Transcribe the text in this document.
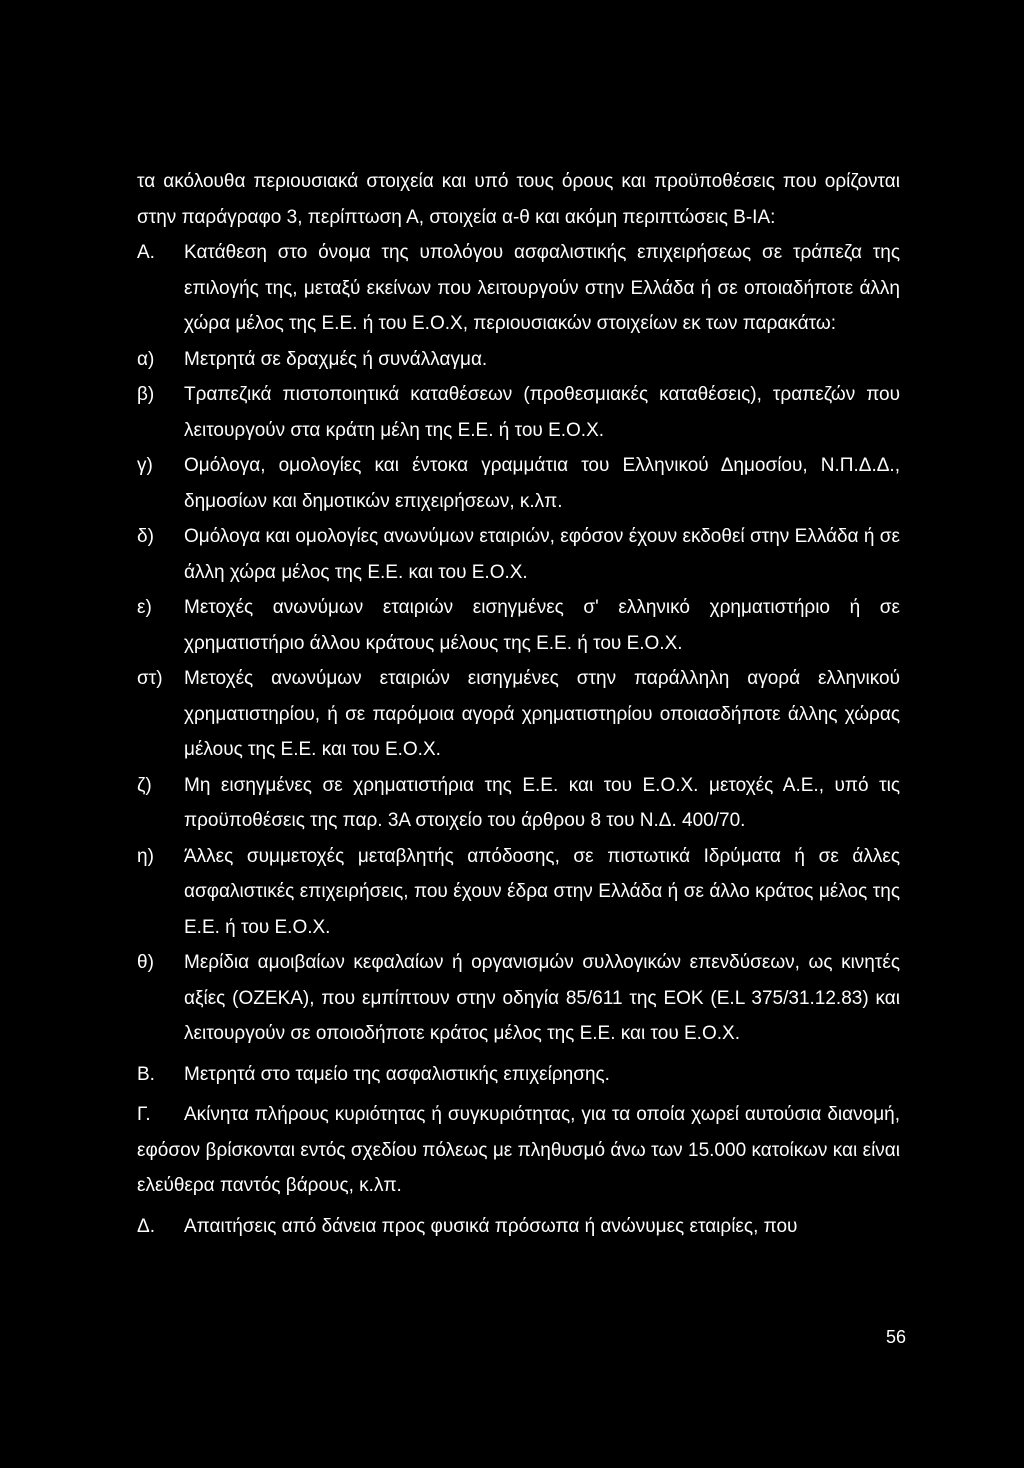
τα ακόλουθα περιουσιακά στοιχεία και υπό τους όρους και προϋποθέσεις που ορίζονται στην παράγραφο 3, περίπτωση Α, στοιχεία α-θ και ακόμη περιπτώσεις Β-ΙΑ:

Α.	Κατάθεση στο όνομα της υπολόγου ασφαλιστικής επιχειρήσεως σε τράπεζα της επιλογής της, μεταξύ εκείνων που λειτουργούν στην Ελλάδα ή σε οποιαδήποτε άλλη χώρα μέλος της Ε.Ε. ή του Ε.Ο.Χ, περιουσιακών στοιχείων εκ των παρακάτω:
α)	Μετρητά σε δραχμές ή συνάλλαγμα.
β)	Τραπεζικά πιστοποιητικά καταθέσεων (προθεσμιακές καταθέσεις), τραπεζών που λειτουργούν στα κράτη μέλη της Ε.Ε. ή του Ε.Ο.Χ.
γ)	Ομόλογα, ομολογίες και έντοκα γραμμάτια του Ελληνικού Δημοσίου, Ν.Π.Δ.Δ., δημοσίων και δημοτικών επιχειρήσεων, κ.λπ.
δ)	Ομόλογα και ομολογίες ανωνύμων εταιριών, εφόσον έχουν εκδοθεί στην Ελλάδα ή σε άλλη χώρα μέλος της Ε.Ε. και του Ε.Ο.Χ.
ε)	Μετοχές ανωνύμων εταιριών εισηγμένες σ' ελληνικό χρηματιστήριο ή σε χρηματιστήριο άλλου κράτους μέλους της Ε.Ε. ή του Ε.Ο.Χ.
στ)	Μετοχές ανωνύμων εταιριών εισηγμένες στην παράλληλη αγορά ελληνικού χρηματιστηρίου, ή σε παρόμοια αγορά χρηματιστηρίου οποιασδήποτε άλλης χώρας μέλους της Ε.Ε. και του Ε.Ο.Χ.
ζ)	Μη εισηγμένες σε χρηματιστήρια της Ε.Ε. και του Ε.Ο.Χ. μετοχές Α.Ε., υπό τις προϋποθέσεις της παρ. 3Α στοιχείο του άρθρου 8 του Ν.Δ. 400/70.
η)	Άλλες συμμετοχές μεταβλητής απόδοσης, σε πιστωτικά Ιδρύματα ή σε άλλες ασφαλιστικές επιχειρήσεις, που έχουν έδρα στην Ελλάδα ή σε άλλο κράτος μέλος της Ε.Ε. ή του Ε.Ο.Χ.
θ)	Μερίδια αμοιβαίων κεφαλαίων ή οργανισμών συλλογικών επενδύσεων, ως κινητές αξίες (ΟΖΕΚΑ), που εμπίπτουν στην οδηγία 85/611 της ΕΟΚ (Ε.L 375/31.12.83) και λειτουργούν σε οποιοδήποτε κράτος μέλος της Ε.Ε. και του Ε.Ο.Χ.
Β.	Μετρητά στο ταμείο της ασφαλιστικής επιχείρησης.

Γ. Ακίνητα πλήρους κυριότητας ή συγκυριότητας, για τα οποία χωρεί αυτούσια διανομή, εφόσον βρίσκονται εντός σχεδίου πόλεως με πληθυσμό άνω των 15.000 κατοίκων και είναι ελεύθερα παντός βάρους, κ.λπ.

Δ.	Απαιτήσεις από δάνεια προς φυσικά πρόσωπα ή ανώνυμες εταιρίες, που
56
